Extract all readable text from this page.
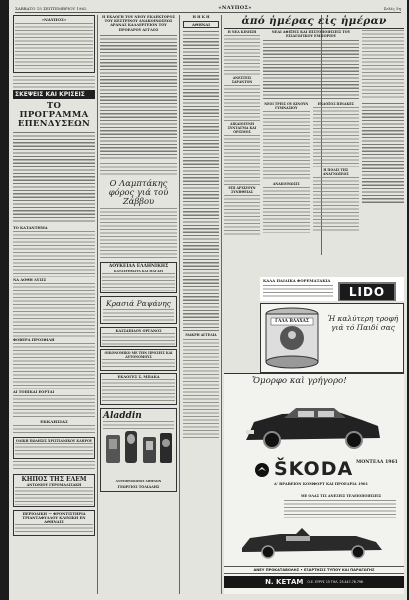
ΣΑΒΒΑΤΟ 15 ΣΕΠΤΕΜΒΡΙΟΥ 1962	«ΝΑΥΠΟΣ»	Σελίς 5η
«ΝΑΥΠΟΣ»
ΣΚΕΨΕΙΣ ΚΑΙ ΚΡΙΣΕΙΣ
ΤΟ ΠΡΟΓΡΑΜΜΑ ΕΠΕΝΔΥΣΕΩΝ
ΤΟ ΚΑΤΑΝΤΗΜΑ
ΝΑ ΔΟΘΗ ΛΥΣΙΣ
ΦΟΒΕΡΑ ΠΡΟΣΦΙΛΗ
ΑΙ ΤΟΠΙΚΑΙ ΕΟΡΤΑΙ
ΕΚΚΛΗΣΙΑΣ
ΟΛΙΚΗ ΠΩΛΗΣΙΣ ΧΡΙΣΤΙΑΝΙΚΟΥ ΚΛΗΡΟΥ
ΚΗΠΟΣ ΤΗΣ ΕΛΕΜ
ΑΝΤΩΝΙΟΥ ΓΕΡΟΜΑΛΙΣΑΚΗ
ΠΕΡΙΟΔΙΚΗ — ΦΡΟΝΤΙΣΤΗΡΙΑ ΤΡΙΑΝΤΑΦΥΛΛΟΥ ΚΛΙΝΙΚΗ ΕΝ ΑΘΗΝΑΙΣ
Η ΕΚΛΟΓΗ ΤΟΥ ΝΕΟΥ ΕΚΛΕΚΤΟΡΟΣ ΤΟΥ ΚΕΣΤΡΙΝΟΥ ΑΝΑΚΟΙΝΩΣΕΩΣ ΑΡΑΝΑΣ ΚΑΛΛΕΡΓΕΙΟΝ ΤΟΥ ΠΡΟΕΔΡΟΥ ΑΓΓΛΟΣ
Ο Λαμπτάκης φόρος γιά τού Ζάββου
ΔΟΥΚΕΙΔΑ ΕΛΛΗΝΙΚΗΣ
ΚΑΤΑΣΤΗΜΑΤΑ ΚΑΙ ΜΑΓΑΖΙ
Κρασιά Ραψάνης
ΚΑΣΣΑΠΙΔΟΥ ΟΡΓΑΝΟΣ
ΟΙΚΟΝΟΜΙΚΟ ΜΕ ΤΗΝ ΠΡΟΣΕΙΣ ΚΑΙ ΑΥΤΟΝΟΜΟΥΣ
ΕΚΛΟΓΕΣ Σ. ΜΠΑΚΑ
Aladdin
ΑΝΤΙΠΡΟΣΩΠΟΣ ΑΘΗΝΩΝ
ΓΕΩΡΓΙΟΣ ΤΟΛΙΑΛΗΣ
Η Η Κ Η
ΑΘΗΝΑΙ
ΜΑΚΡΗ ΑΓΓΕΛΙΑ
ἀπό ἡμέρας εἰς ἡμέραν
Η ΝΕΑ ΚΙΝΗΣΗ
ΑΝΕΣΤΕΙΣ ΣΑΡΑΝΤΟΝ
ΔΙΚΑΙΟΣΥΝΗ ΣΥΝΤΑΓΜΑ ΚΑΙ ΟΡΙΣΜΟΣ
ΕΠΙ ΑΡΧΙΖΟΥΝ ΣΥΝΗΘΕΙΑΣ
ΝΕΑΙ ΑΦΙΞΕΙΣ ΚΑΙ ΠΙΣΤΟΠΟΙΗΣΕΙΣ ΤΟΥ ΕΙΣΑΓΩΓΙΚΟΥ ΕΜΠΟΡΙΟΥ
ΝΕΟΙ ΤΡΕΙΣ ΟΥ ΚΙΝΟΥΝ ΓΥΜΝΑΣΙΟΥ
ΑΝΑΚΟΙΝΩΣΙΣ
ΕΝΔΟΞΟΣ ΠΙΝΑΚΕΣ
Η ΠΟΛΙΣ ΤΗΣ ΑΝΑΓΝΩΣΕΩΣ
ΚΑΛΑ ΠΑΙΔΙΚΑ ΦΟΡΕΜΑΤΑΚΙΑ
LIDO
ΓΑΛΑ ΒΛΑΧΑΣ	Ἡ καλύτερη τροφή γιά τό Παιδί σας
Ὄμορφο καὶ γρήγορο!
ŠKODA ΜΟΝΤΕΛΑ 1961
Α' ΒΡΑΒΕΙΟΝ ΚΟΜΦΟΡΤ ΚΑΙ ΠΡΟΕΔΡΙΑ 1961
ΜΕ ΟΛΑΣ ΤΙΣ ΑΝΕΣΕΙΣ ΤΕΛΕΙΟΠΟΙΗΣΕΙΣ
ΑΝΕΥ ΠΡΟΚΑΤΑΒΟΛΗΣ • ΕΞΑΡΤΗΣΙΣ ΤΥΠΟΥ ΚΑΙ ΠΑΡΑΓΩΓΗΣ
Ν. ΚΕΤΑΜ Ο.Ε. ΕΥΡΥΣ 15 ΤΗΛ. 23.447-78.798
